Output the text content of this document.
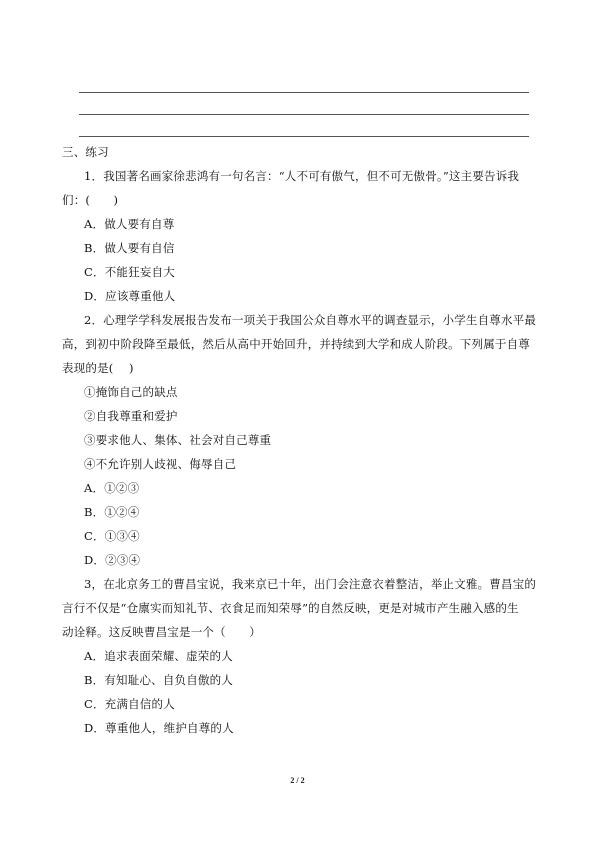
三、练习
1．我国著名画家徐悲鸿有一句名言：“人不可有傲气，但不可无傲骨。”这主要告诉我
们：(　　)
A．做人要有自尊
B．做人要有自信
C．不能狂妄自大
D．应该尊重他人
2．心理学学科发展报告发布一项关于我国公众自尊水平的调查显示，小学生自尊水平最
高，到初中阶段降至最低，然后从高中开始回升，并持续到大学和成人阶段。下列属于自尊
表现的是(　 )
①掩饰自己的缺点
②自我尊重和爱护
③要求他人、集体、社会对自己尊重
④不允许别人歧视、侮辱自己
A．①②③
B．①②④
C．①③④
D．②③④
3，在北京务工的曹昌宝说，我来京已十年，出门会注意衣着整洁，举止文雅。曹昌宝的
言行不仅是“仓廪实而知礼节、衣食足而知荣辱”的自然反映，更是对城市产生融入感的生
动诠释。这反映曹昌宝是一个（　　）
A．追求表面荣耀、虚荣的人
B．有知耻心、自负自傲的人
C．充满自信的人
D．尊重他人，维护自尊的人
2 / 2
